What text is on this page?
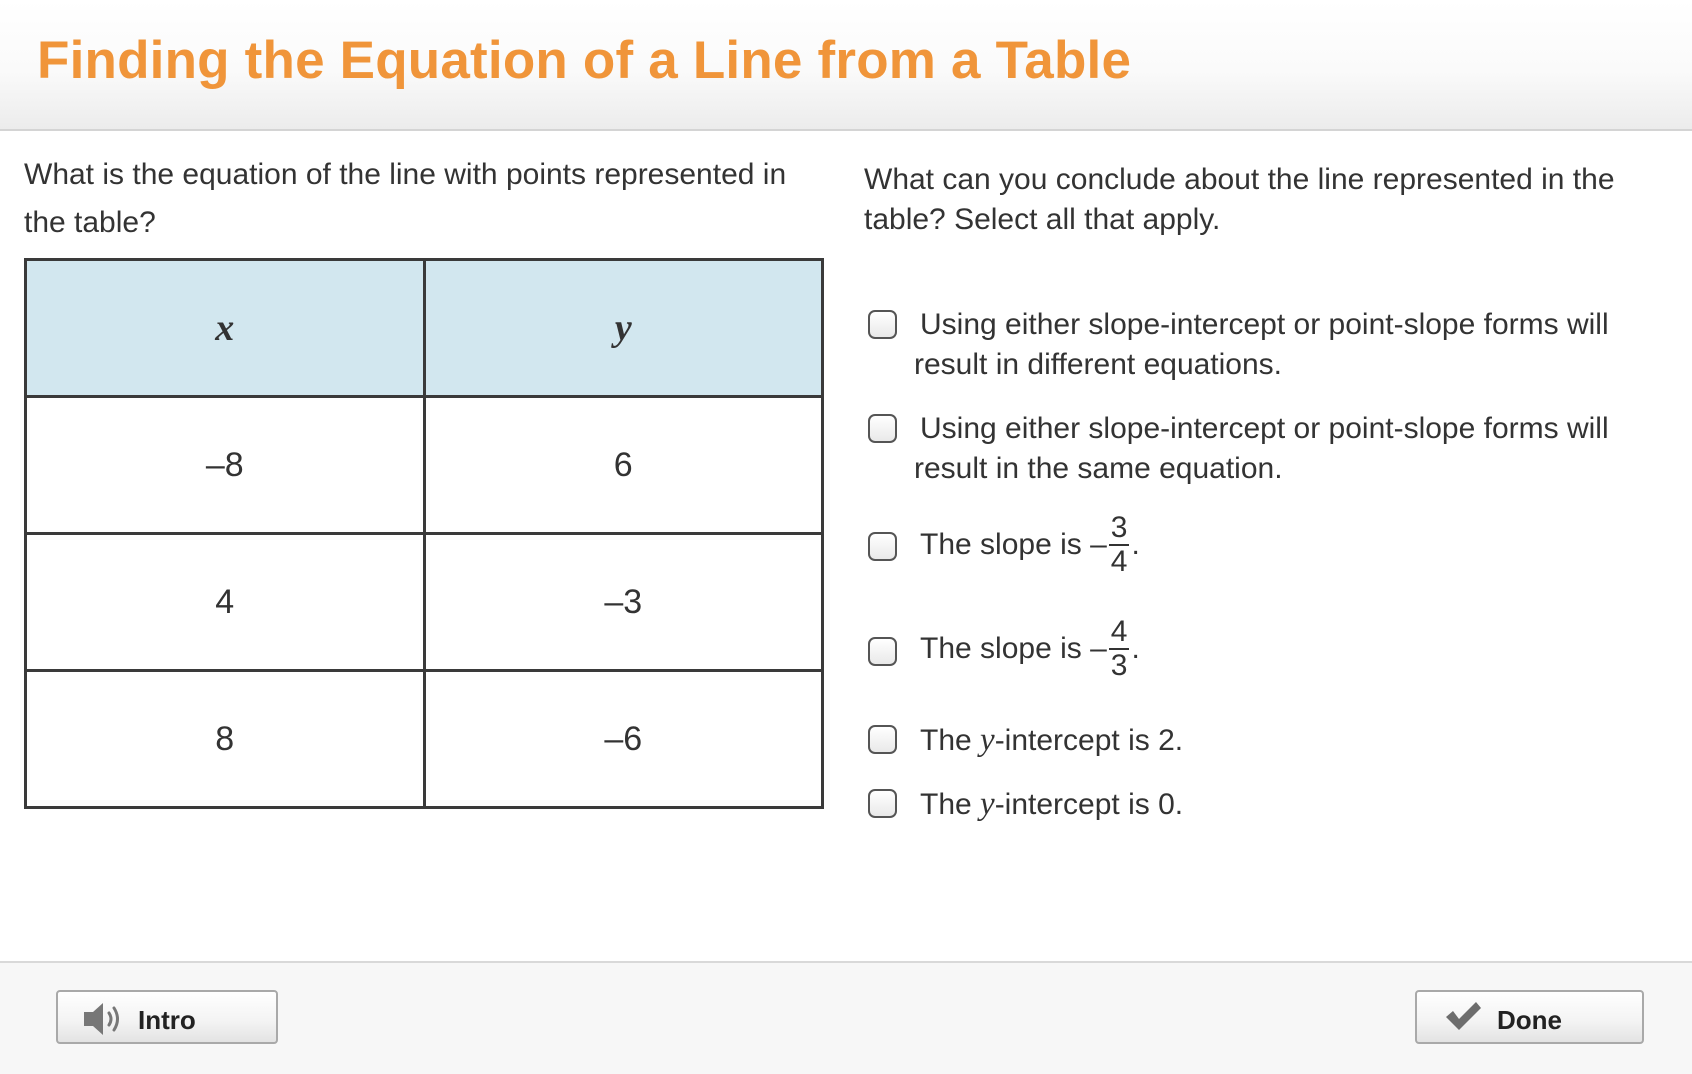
Finding the Equation of a Line from a Table

What is the equation of the line with points represented in the table?

x	y
–8	6
4	–3
8	–6

What can you conclude about the line represented in the table? Select all that apply.

Using either slope-intercept or point-slope forms will result in different equations.
Using either slope-intercept or point-slope forms will result in the same equation.
The slope is – $\frac{3}{4}$ .
The slope is – $\frac{4}{3}$ .
The y-intercept is 2.
The y-intercept is 0.
Intro	Done
